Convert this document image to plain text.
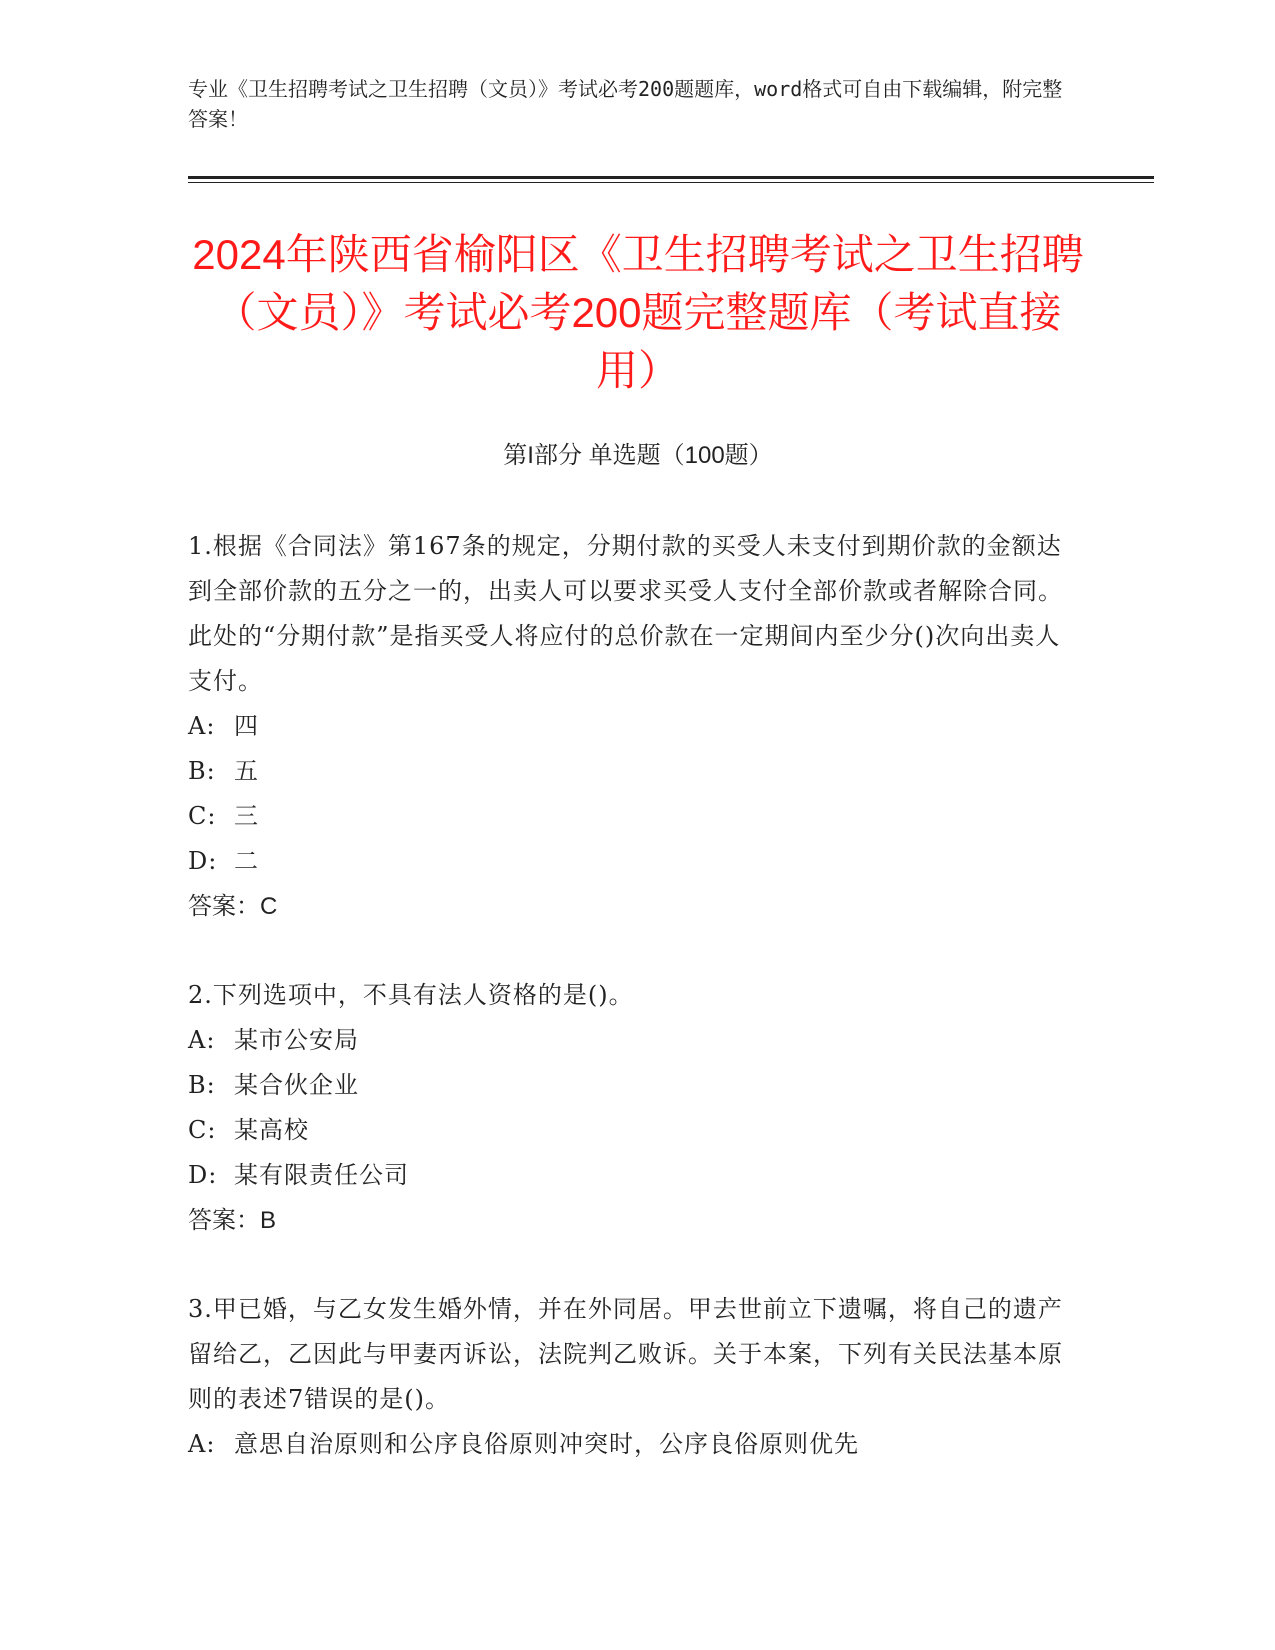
专业《卫生招聘考试之卫生招聘（文员）》考试必考200题题库，word格式可自由下载编辑，附完整答案！
2024年陕西省榆阳区《卫生招聘考试之卫生招聘（文员）》考试必考200题完整题库（考试直接用）
第I部分 单选题（100题）
1.根据《合同法》第167条的规定，分期付款的买受人未支付到期价款的金额达到全部价款的五分之一的，出卖人可以要求买受人支付全部价款或者解除合同。此处的“分期付款”是指买受人将应付的总价款在一定期间内至少分()次向出卖人支付。
A: 四
B: 五
C: 三
D: 二
答案：C
2.下列选项中，不具有法人资格的是()。
A: 某市公安局
B: 某合伙企业
C: 某高校
D: 某有限责任公司
答案：B
3.甲已婚，与乙女发生婚外情，并在外同居。甲去世前立下遗嘱，将自己的遗产留给乙，乙因此与甲妻丙诉讼，法院判乙败诉。关于本案，下列有关民法基本原则的表述7错误的是()。
A: 意思自治原则和公序良俗原则冲突时，公序良俗原则优先
